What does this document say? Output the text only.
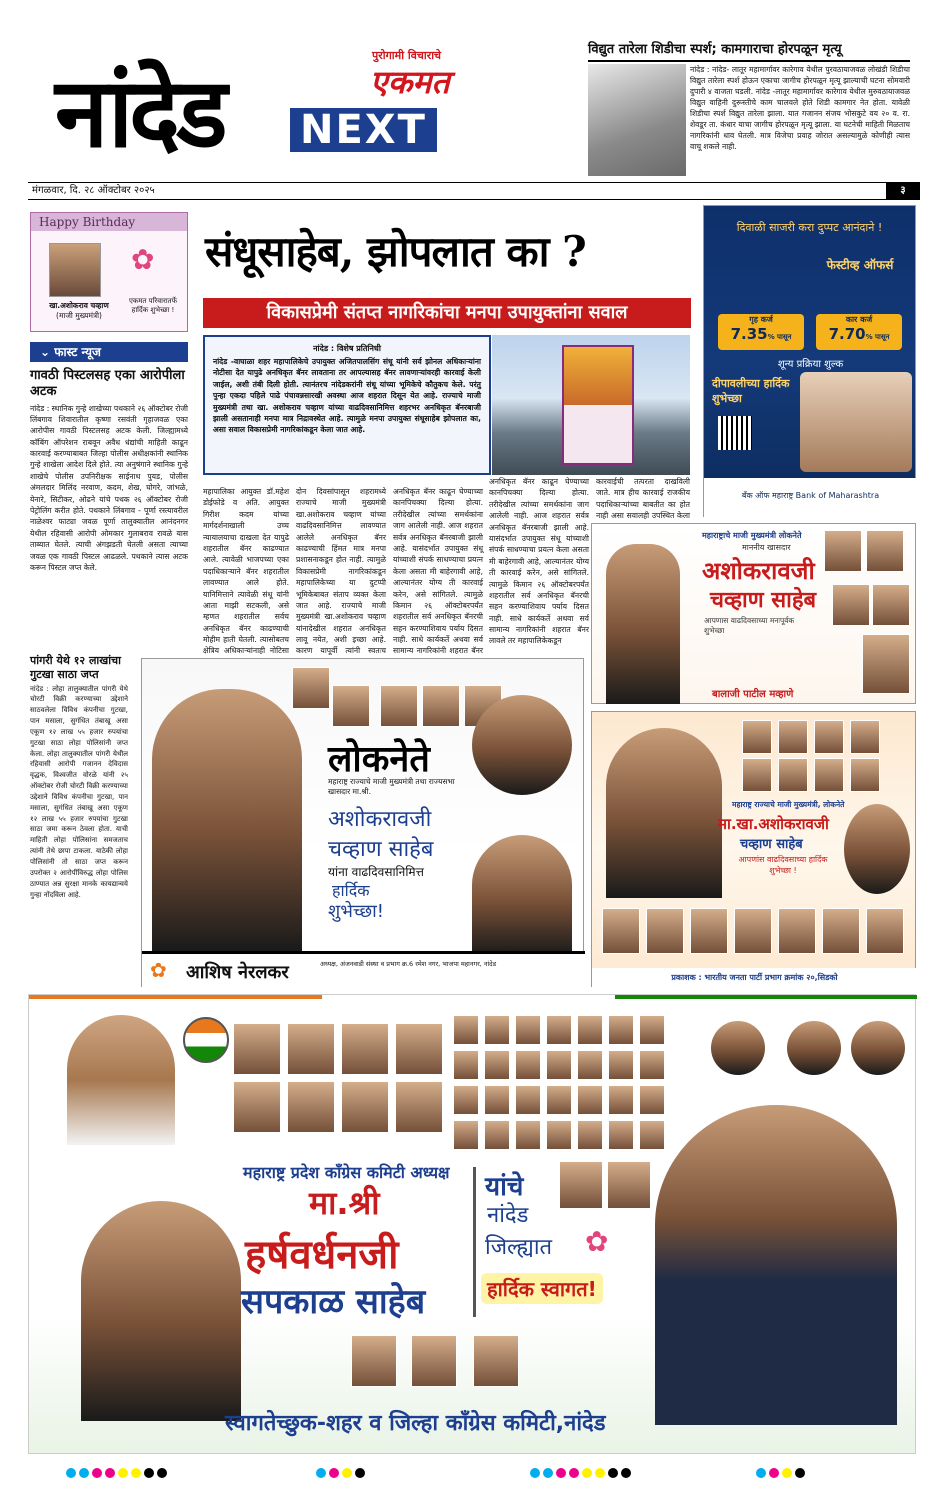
नांदेड
पुरोगामी विचाराचे
एकमत
NEXT
विद्युत तारेला शिडीचा स्पर्श; कामगाराचा होरपळून मृत्यू
नांदेड : नांदेड- लातूर महामार्गावर कारेगाव येथील पुरवठायाजवळ लोखंडी शिडीचा विद्युत तारेला स्पर्श होऊन एकाचा जागीच होरपळून मृत्यू झाल्याची घटना सोमवारी दुपारी ४ वाजता घडली. नांदेड -लातूर महामार्गावर कारेगाव येथील मुरुवठायाजवळ विद्युत वाहिनी दुरूस्तीचे काम चालवले होते शिडी कामगार नेत होता. यावेळी शिडीचा स्पर्श विद्युत तारेला झाला. यात गजानन संजय भोसकुटे वय २० व. रा. शेवडूर ता. कंधार याचा जागीच होरपळून मृत्यू झाला. या घटनेची माहिती मिळताच नागरिकांनी धाव घेतली. मात्र विजेचा प्रवाह जोरात असल्यामुळे कोणीही त्यास वाचू शकले नाही.
मंगळवार, दि. २८ ऑक्टोबर २०२५	३
Happy Birthday
खा.अशोकराव चव्हाण
(माजी मुख्यमंत्री)
✿
एकमत परिवारातर्फे हार्दिक शुभेच्छा !
⌄ फास्ट न्यूज
गावठी पिस्टलसह एका आरोपीला अटक
नांदेड : स्थानिक गुन्हे शाखेच्या पथकाने २६ ऑक्टोबर रोजी लिंबगाव शिवारातील कृष्णा रसवंती गृहाजवळ एका आरोपीस गावठी पिस्टलसह अटक केली. जिल्ह्यामध्ये कॉबिंग ऑपरेशन राबवून अवैध धंद्यांची माहिती काढून कारवाई करण्याबाबत जिल्हा पोलीस अधीक्षकांनी स्थानिक गुन्हे शाखेला आदेश दिले होते. त्या अनुषंगाने स्थानिक गुन्हे शाखेचे पोलीस उपनिरीक्षक साईनाथ पुयड, पोलीस अंमलदार मिलिंद नरवाण, कदम, शेख, घोगरे, जांभळे, येनारे, सिटीकर, ओढने यांचे पथक २६ ऑक्टोबर रोजी पेट्रोलिंग करीत होते. पथकाने लिंबगाव - पूर्णा रस्त्यावरील नाळेश्वर फाट्या जवळ पूर्णा तालुक्यातील आनंदनगर येथील रहिवासी आरोपी ओमकार गुलाबराव रावळे यास ताब्यात घेतले. त्याची अंगझडती घेतली असता त्याच्या जवळ एक गावठी पिस्टल आढळले. पथकाने त्यास अटक करून पिस्टल जप्त केले.
पांगरी येथे १२ लाखांचा गुटखा साठा जप्त
नांदेड : लोहा तालुक्यातील पांगरी येथे चोरटी विक्री करण्याच्या उद्देशाने साठवलेला विविध कंपनीचा गुटखा, पान मसाला, सुगंधित तंबाखू असा एकूण १२ लाख ५५ हजार रुपयांचा गुटखा साठा लोहा पोलिसांनी जप्त केला. लोहा तालुक्यातील पांगरी येथील रहिवासी आरोपी गजानन देविदास वृद्धक, विश्वजीत वोरळे यांनी २५ ऑक्टोबर रोजी चोरटी विक्री करण्याच्या उद्देशाने विविध कंपनीचा गुटखा, पान मसाला, सुगंधित तंबाखू असा एकूण १२ लाख ५५ हजार रुपयांचा गुटखा साठा जमा करून ठेवला होता. याची माहिती लोहा पोलिसांना समजताच त्यांनी तेथे छापा टाकला. याठेकी लोहा पोलिसांनी तो साठा जप्त करून उपरोक्त २ आरोपींविरुद्ध लोहा पोलिस ठाण्यात अन्न सुरक्षा मानके कायद्यान्वये गुन्हा नोंदविला आहे.
संधूसाहेब, झोपलात का ?
विकासप्रेमी संतप्त नागरिकांचा मनपा उपायुक्तांना सवाल
नांदेड : विशेष प्रतिनिधी
नांदेड -वाघाळा शहर महापालिकेचे उपायुक्त अजितपालसिंग संधू यांनी सर्व झोनल अधिकाऱ्यांना नोटीसा देत यापुढे अनधिकृत बॅनर लावताना तर आपल्यासह बॅनर लावणाऱ्यांवरही कारवाई केली जाईल, अशी तंबी दिली होती. त्यानंतरच नांदेडकरांनी संधू यांच्या भूमिकेचे कौतुकच केले. परंतु पुन्हा एकदा पहिले पाढे पंचावन्नसारखी अवस्था आज शहरात दिसून येत आहे. राज्याचे माजी मुख्यमंत्री तथा खा. अशोकराव चव्हाण यांच्या वाढदिवसानिमित्त शहरभर अनधिकृत बॅनरबाजी झाली असतानाही मनपा मात्र निद्रावस्थेत आहे. त्यामुळे मनपा उपायुक्त संधूसाहेब झोपलात का, असा सवाल विकासप्रेमी नागरिकांकडून केला जात आहे.
महापालिका आयुक्त डॉ.महेश डोईफोडे व अति. आयुक्त गिरीश कदम यांच्या मार्गदर्शनाखाली उच्च न्यायालयाचा दाखला देत यापुढे शहरातील बॅनर काढण्यात आले. त्यावेळी भाजपच्या एका पदाधिकाऱ्याने बॅनर शहरातील लावण्यात आले होते. यानिमित्ताने त्यावेळी संधू यांनी आता माझी सटकली, असे म्हणत शहरातील सर्वच अनधिकृत बॅनर काढण्याची मोहीम हाती घेतली. त्यासोबतच क्षेत्रिय अधिकाऱ्यांनाही नोटिसा
दोन दिवसांपासून शहरामध्ये राज्याचे माजी मुख्यमंत्री खा.अशोकराव चव्हाण यांच्या वाढदिवसानिमित्त लावण्यात आलेले अनधिकृत बॅनर काढण्याची हिंमत मात्र मनपा प्रशासनाकडून होत नाही. त्यामुळे विकासप्रेमी नागरिकांकडून महापालिकेच्या या दुटप्पी भूमिकेबाबत संताप व्यक्त केला जात आहे. राज्याचे माजी मुख्यमंत्री खा.अशोकराव चव्हाण यांनादेखील शहरात अनधिकृत लावू नयेत, अशी इच्छा आहे. कारण यापूर्वी त्यांनी स्वतःच
अनधिकृत बॅनर काढून घेण्याच्या कानपिचक्या दिल्या होत्या. तरीदेखील त्यांच्या समर्थकांना जाग आलेली नाही. आज शहरात सर्वत्र अनधिकृत बॅनरबाजी झाली आहे. यासंदर्भात उपायुक्त संधू यांच्याशी संपर्क साधण्याचा प्रयत्न केला असता मी बाहेरगावी आहे, आल्यानंतर योग्य ती कारवाई करेन, असे सांगितले. त्यामुळे किमान २६ ऑक्टोबरपर्यंत शहरातील सर्व अनधिकृत बॅनरची सहन करण्याशिवाय पर्याय दिसत नाही. साधे कार्यकर्ते अथवा सर्व सामान्य नागरिकांनी शहरात बॅनर
अनधिकृत बॅनर काढून घेण्याच्या कानपिचक्या दिल्या होत्या. तरीदेखील त्यांच्या समर्थकांना जाग आलेली नाही. आज शहरात सर्वत्र अनधिकृत बॅनरबाजी झाली आहे. यासंदर्भात उपायुक्त संधू यांच्याशी संपर्क साधण्याचा प्रयत्न केला असता मी बाहेरगावी आहे, आल्यानंतर योग्य ती कारवाई करेन, असे सांगितले. त्यामुळे किमान २६ ऑक्टोबरपर्यंत शहरातील सर्व अनधिकृत बॅनरची सहन करण्याशिवाय पर्याय दिसत नाही. साधे कार्यकर्ते अथवा सर्व सामान्य नागरिकांनी शहरात बॅनर लावले तर महापालिकेकडून
कारवाईची तत्परता दाखविली जाते. मात्र हीच कारवाई राजकीय पदाधिकाऱ्यांच्या बाबतीत का होत नाही असा सवालही उपस्थित केला
दिवाळी साजरी करा दुप्पट आनंदाने !
फेस्टीव्ह ऑफर्स
गृह कर्ज
7.35% पासून
कार कर्ज
7.70% पासून
शून्य प्रक्रिया शुल्क
दीपावलीच्या हार्दिक शुभेच्छा
बँक ऑफ महाराष्ट्र Bank of Maharashtra
महाराष्ट्राचे माजी मुख्यमंत्री लोकनेते
माननीय खासदार
अशोकरावजी
चव्हाण साहेब
आपणास वाढदिवसाच्या मनःपूर्वक शुभेच्छा
बालाजी पाटील मव्हाणे
लोकनेते
महाराष्ट्र राज्याचे माजी मुख्यमंत्री तथा राज्यसभा खासदार मा.श्री.
अशोकरावजी
चव्हाण साहेब
यांना वाढदिवसानिमित्त
हार्दिक
शुभेच्छा!
✿ आशिष नेरलकर	अध्यक्ष, अंजनवाडी संस्था व प्रभाग क्र.6 रमेश नगर, भाजपा महानगर, नांदेड
महाराष्ट्र राज्याचे माजी मुख्यमंत्री, लोकनेते
मा.खा.अशोकरावजी
चव्हाण साहेब
आपणांस वाढदिवसाच्या हार्दिक शुभेच्छा !
प्रकाशक : भारतीय जनता पार्टी प्रभाग क्रमांक २०,सिडको
महाराष्ट्र प्रदेश कॉंग्रेस कमिटी अध्यक्ष
मा.श्री
हर्षवर्धनजी
सपकाळ साहेब
यांचे
नांदेड
जिल्ह्यात ✿
हार्दिक स्वागत!
स्वागतेच्छुक-शहर व जिल्हा कॉंग्रेस कमिटी,नांदेड
